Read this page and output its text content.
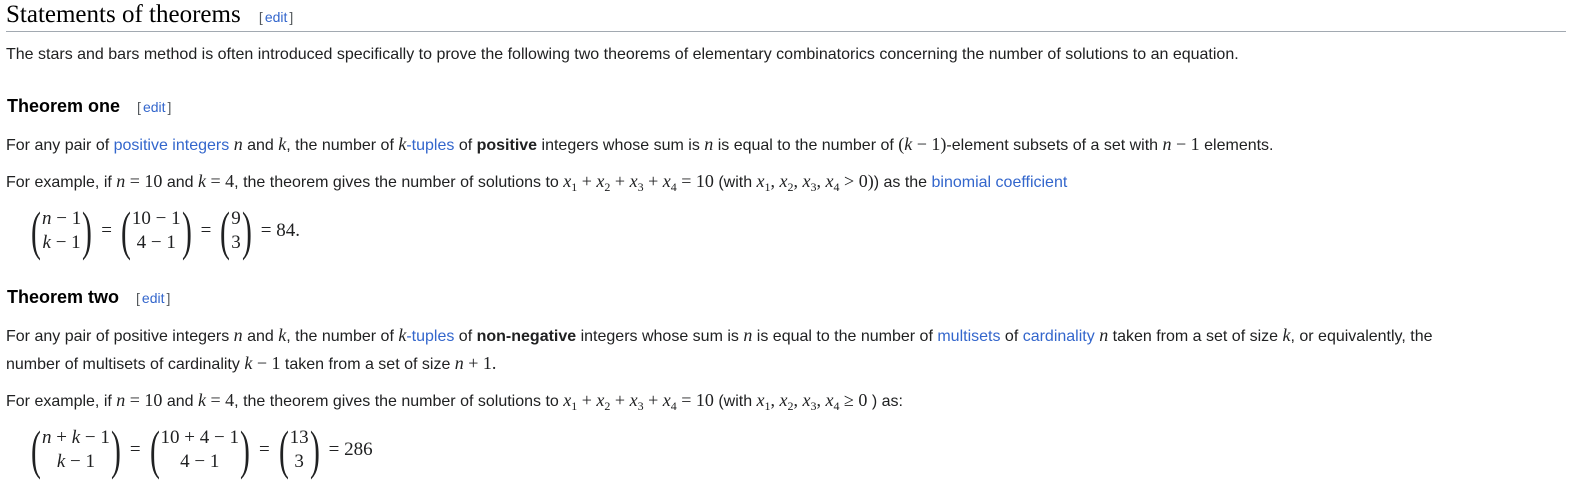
Statements of theorems [ edit ]
The stars and bars method is often introduced specifically to prove the following two theorems of elementary combinatorics concerning the number of solutions to an equation.
Theorem one [ edit ]
For any pair of positive integers n and k, the number of k-tuples of positive integers whose sum is n is equal to the number of (k − 1)-element subsets of a set with n − 1 elements.
For example, if n = 10 and k = 4, the theorem gives the number of solutions to $x_1 + x_2 + x_3 + x_4 = 10$ (with $x_1$, $x_2$, $x_3$, $x_4 > 0$)) as the binomial coefficient
( n − 1
k − 1 ) = ( 10 − 1
4 − 1 ) = ( 9
3 ) = 84.
Theorem two [ edit ]
For any pair of positive integers n and k, the number of k-tuples of non-negative integers whose sum is n is equal to the number of multisets of cardinality n taken from a set of size k, or equivalently, the
number of multisets of cardinality k − 1 taken from a set of size n + 1.
For example, if n = 10 and k = 4, the theorem gives the number of solutions to $x_1 + x_2 + x_3 + x_4 = 10$ (with $x_1$, $x_2$, $x_3$, $x_4 \ge 0$ ) as:
( n + k − 1
k − 1 ) = ( 10 + 4 − 1
4 − 1 ) = ( 13
3 ) = 286
